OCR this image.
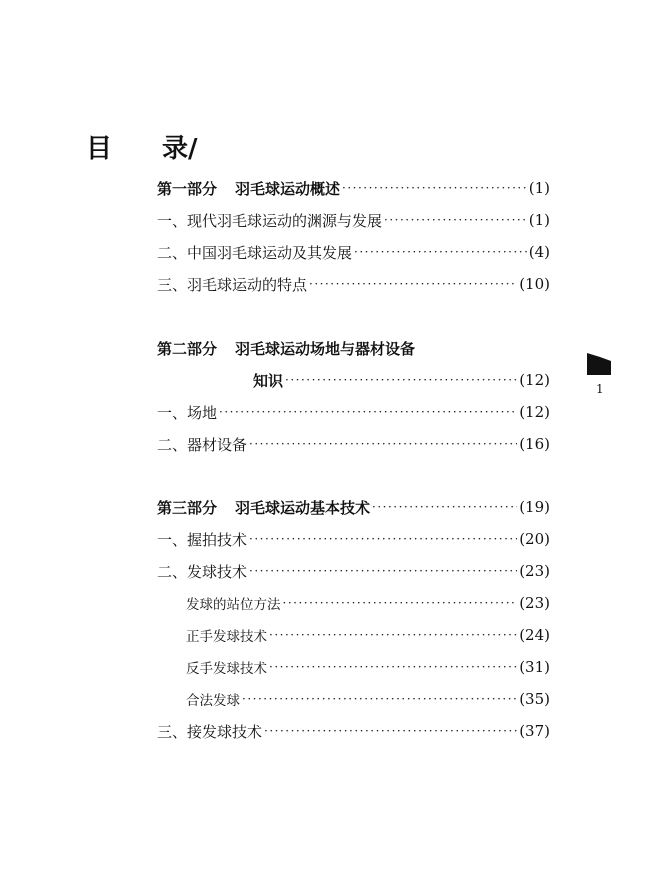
目 录/
第一部分 羽毛球运动概述 ·····	(1)
一、现代羽毛球运动的渊源与发展 ·····	(1)
二、中国羽毛球运动及其发展 ·····	(4)
三、羽毛球运动的特点 ·····	(10)
第二部分 羽毛球运动场地与器材设备
知识 ·····	(12)
一、场地 ·····	(12)
二、器材设备 ·····	(16)
第三部分 羽毛球运动基本技术 ·····	(19)
一、握拍技术 ·····	(20)
二、发球技术 ·····	(23)
发球的站位方法 ·····	(23)
正手发球技术 ·····	(24)
反手发球技术 ·····	(31)
合法发球 ·····	(35)
三、接发球技术 ·····	(37)
1
